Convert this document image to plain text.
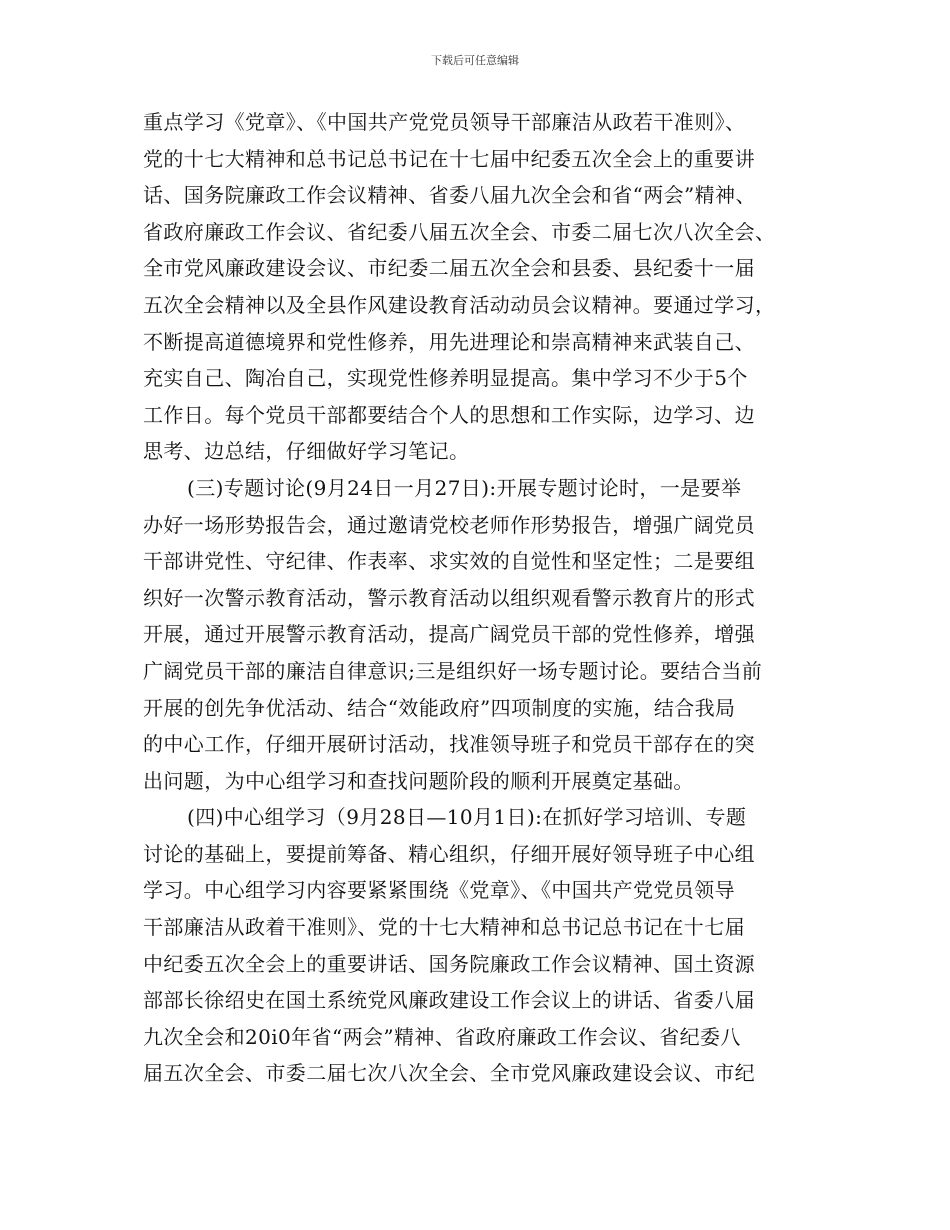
下载后可任意编辑
重点学习《党章》、《中国共产党党员领导干部廉洁从政若干准则》、
党的十七大精神和总书记总书记在十七届中纪委五次全会上的重要讲
话、国务院廉政工作会议精神、省委八届九次全会和省“两会”精神、
省政府廉政工作会议、省纪委八届五次全会、市委二届七次八次全会、
全市党风廉政建设会议、市纪委二届五次全会和县委、县纪委十一届
五次全会精神以及全县作风建设教育活动动员会议精神。要通过学习，
不断提高道德境界和党性修养，用先进理论和崇高精神来武装自己、
充实自己、陶冶自己，实现党性修养明显提高。集中学习不少于5个
工作日。每个党员干部都要结合个人的思想和工作实际，边学习、边
思考、边总结，仔细做好学习笔记。
(三)专题讨论(9月24日一月27日):开展专题讨论时，一是要举
办好一场形势报告会，通过邀请党校老师作形势报告，增强广阔党员
干部讲党性、守纪律、作表率、求实效的自觉性和坚定性；二是要组
织好一次警示教育活动，警示教育活动以组织观看警示教育片的形式
开展，通过开展警示教育活动，提高广阔党员干部的党性修养，增强
广阔党员干部的廉洁自律意识;三是组织好一场专题讨论。要结合当前
开展的创先争优活动、结合“效能政府”四项制度的实施，结合我局
的中心工作，仔细开展研讨活动，找准领导班子和党员干部存在的突
出问题，为中心组学习和查找问题阶段的顺利开展奠定基础。
(四)中心组学习（9月28日—10月1日):在抓好学习培训、专题
讨论的基础上，要提前筹备、精心组织，仔细开展好领导班子中心组
学习。中心组学习内容要紧紧围绕《党章》、《中国共产党党员领导
干部廉洁从政着干准则》、党的十七大精神和总书记总书记在十七届
中纪委五次全会上的重要讲话、国务院廉政工作会议精神、国土资源
部部长徐绍史在国土系统党风廉政建设工作会议上的讲话、省委八届
九次全会和20i0年省“两会”精神、省政府廉政工作会议、省纪委八
届五次全会、市委二届七次八次全会、全市党风廉政建设会议、市纪
